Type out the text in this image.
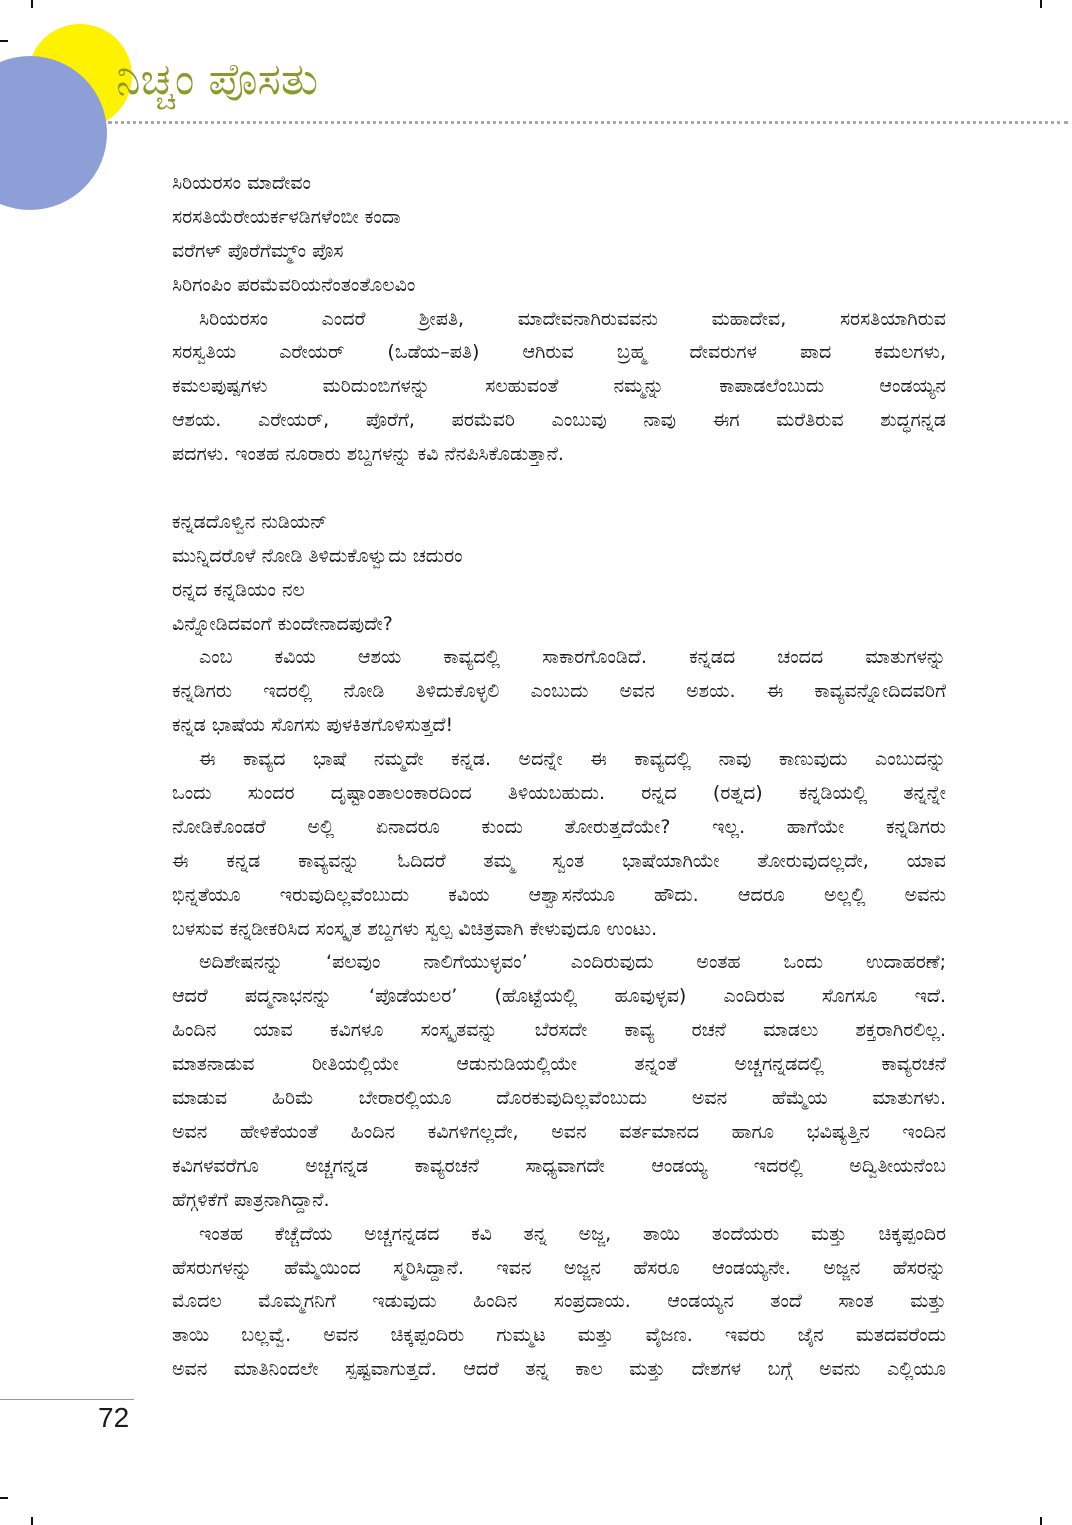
ನಿಚ್ಚಂ ಪೊಸತು
ಸಿರಿಯರಸಂ ಮಾದೇವಂ
ಸರಸತಿಯೆರೇಯರ್ಕಳಡಿಗಳೆಂಬೀ ಕಂದಾ
ವರೆಗಳ್ ಪೊರೆಗೆಮ್ಮ್ಂ ಪೊಸ
ಸಿರಿಗಂಪಿಂ ಪರಮೆವರಿಯನೆಂತಂತೊಲವಿಂ
ಸಿರಿಯರಸಂ ಎಂದರೆ ಶ್ರೀಪತಿ, ಮಾದೇವನಾಗಿರುವವನು ಮಹಾದೇವ, ಸರಸತಿಯಾಗಿರುವ
ಸರಸ್ವತಿಯ ಎರೇಯರ್ (ಒಡೆಯ–ಪತಿ) ಆಗಿರುವ ಬ್ರಹ್ಮ ದೇವರುಗಳ ಪಾದ ಕಮಲಗಳು,
ಕಮಲಪುಷ್ಪಗಳು ಮರಿದುಂಬಿಗಳನ್ನು ಸಲಹುವಂತೆ ನಮ್ಮನ್ನು ಕಾಪಾಡಲೆಂಬುದು ಆಂಡಯ್ಯನ
ಆಶಯ. ಎರೇಯರ್, ಪೊರೆಗೆ, ಪರಮೆವರಿ ಎಂಬುವು ನಾವು ಈಗ ಮರೆತಿರುವ ಶುದ್ಧಗನ್ನಡ
ಪದಗಳು. ಇಂತಹ ನೂರಾರು ಶಬ್ದಗಳನ್ನು ಕವಿ ನೆನಪಿಸಿಕೊಡುತ್ತಾನೆ.
ಕನ್ನಡದೊಳ್ವಿನ ನುಡಿಯನ್
ಮುನ್ನಿದರೊಳೆ ನೋಡಿ ತಿಳಿದುಕೊಳ್ವುದು ಚದುರಂ
ರನ್ನದ ಕನ್ನಡಿಯಂ ನಲ
ವಿನ್ನೋಡಿದವಂಗೆ ಕುಂದೇನಾದಪುದೇ?
ಎಂಬ ಕವಿಯ ಆಶಯ ಕಾವ್ಯದಲ್ಲಿ ಸಾಕಾರಗೊಂಡಿದೆ. ಕನ್ನಡದ ಚಂದದ ಮಾತುಗಳನ್ನು
ಕನ್ನಡಿಗರು ಇದರಲ್ಲಿ ನೋಡಿ ತಿಳಿದುಕೊಳ್ಳಲಿ ಎಂಬುದು ಅವನ ಅಶಯ. ಈ ಕಾವ್ಯವನ್ನೋದಿದವರಿಗೆ
ಕನ್ನಡ ಭಾಷೆಯ ಸೊಗಸು ಪುಳಕಿತಗೊಳಿಸುತ್ತದೆ!
ಈ ಕಾವ್ಯದ ಭಾಷೆ ನಮ್ಮದೇ ಕನ್ನಡ. ಅದನ್ನೇ ಈ ಕಾವ್ಯದಲ್ಲಿ ನಾವು ಕಾಣುವುದು ಎಂಬುದನ್ನು
ಒಂದು ಸುಂದರ ದೃಷ್ಟಾಂತಾಲಂಕಾರದಿಂದ ತಿಳಿಯಬಹುದು. ರನ್ನದ (ರತ್ನದ) ಕನ್ನಡಿಯಲ್ಲಿ ತನ್ನನ್ನೇ
ನೋಡಿಕೊಂಡರೆ ಅಲ್ಲಿ ಏನಾದರೂ ಕುಂದು ತೋರುತ್ತದೆಯೇ? ಇಲ್ಲ. ಹಾಗೆಯೇ ಕನ್ನಡಿಗರು
ಈ ಕನ್ನಡ ಕಾವ್ಯವನ್ನು ಓದಿದರೆ ತಮ್ಮ ಸ್ವಂತ ಭಾಷೆಯಾಗಿಯೇ ತೋರುವುದಲ್ಲದೇ, ಯಾವ
ಭಿನ್ನತೆಯೂ ಇರುವುದಿಲ್ಲವೆಂಬುದು ಕವಿಯ ಆಶ್ವಾಸನೆಯೂ ಹೌದು. ಆದರೂ ಅಲ್ಲಲ್ಲಿ ಅವನು
ಬಳಸುವ ಕನ್ನಡೀಕರಿಸಿದ ಸಂಸ್ಕೃತ ಶಬ್ದಗಳು ಸ್ವಲ್ಪ ವಿಚಿತ್ರವಾಗಿ ಕೇಳುವುದೂ ಉಂಟು.
ಅದಿಶೇಷನನ್ನು ‘ಪಲವುಂ ನಾಲಿಗೆಯುಳ್ಳವಂ’ ಎಂದಿರುವುದು ಅಂತಹ ಒಂದು ಉದಾಹರಣೆ;
ಆದರೆ ಪದ್ಮನಾಭನನ್ನು ‘ಪೊಡೆಯಲರ’ (ಹೊಟ್ಟೆಯಲ್ಲಿ ಹೂವುಳ್ಳವ) ಎಂದಿರುವ ಸೊಗಸೂ ಇದೆ.
ಹಿಂದಿನ ಯಾವ ಕವಿಗಳೂ ಸಂಸ್ಕೃತವನ್ನು ಬೆರಸದೇ ಕಾವ್ಯ ರಚನೆ ಮಾಡಲು ಶಕ್ತರಾಗಿರಲಿಲ್ಲ.
ಮಾತನಾಡುವ ರೀತಿಯಲ್ಲಿಯೇ ಆಡುನುಡಿಯಲ್ಲಿಯೇ ತನ್ನಂತೆ ಅಚ್ಚಗನ್ನಡದಲ್ಲಿ ಕಾವ್ಯರಚನೆ
ಮಾಡುವ ಹಿರಿಮೆ ಬೇರಾರಲ್ಲಿಯೂ ದೊರಕುವುದಿಲ್ಲವೆಂಬುದು ಅವನ ಹೆಮ್ಮೆಯ ಮಾತುಗಳು.
ಅವನ ಹೇಳಿಕೆಯಂತೆ ಹಿಂದಿನ ಕವಿಗಳಿಗಲ್ಲದೇ, ಅವನ ವರ್ತಮಾನದ ಹಾಗೂ ಭವಿಷ್ಯತ್ತಿನ ಇಂದಿನ
ಕವಿಗಳವರೆಗೂ ಅಚ್ಚಗನ್ನಡ ಕಾವ್ಯರಚನೆ ಸಾಧ್ಯವಾಗದೇ ಆಂಡಯ್ಯ ಇದರಲ್ಲಿ ಅದ್ವಿತೀಯನೆಂಬ
ಹೆಗ್ಗಳಿಕೆಗೆ ಪಾತ್ರನಾಗಿದ್ದಾನೆ.
ಇಂತಹ ಕೆಚ್ಚೆದೆಯ ಅಚ್ಚಗನ್ನಡದ ಕವಿ ತನ್ನ ಅಜ್ಜ, ತಾಯಿ ತಂದೆಯರು ಮತ್ತು ಚಿಕ್ಕಪ್ಪಂದಿರ
ಹೆಸರುಗಳನ್ನು ಹೆಮ್ಮೆಯಿಂದ ಸ್ಮರಿಸಿದ್ದಾನೆ. ಇವನ ಅಜ್ಜನ ಹೆಸರೂ ಆಂಡಯ್ಯನೇ. ಅಜ್ಜನ ಹೆಸರನ್ನು
ಮೊದಲ ಮೊಮ್ಮಗನಿಗೆ ಇಡುವುದು ಹಿಂದಿನ ಸಂಪ್ರದಾಯ. ಆಂಡಯ್ಯನ ತಂದೆ ಸಾಂತ ಮತ್ತು
ತಾಯಿ ಬಲ್ಲವ್ವೆ. ಅವನ ಚಿಕ್ಕಪ್ಪಂದಿರು ಗುಮ್ಮಟ ಮತ್ತು ವೈಜಣ. ಇವರು ಜೈನ ಮತದವರೆಂದು
ಅವನ ಮಾತಿನಿಂದಲೇ ಸ್ಪಷ್ಟವಾಗುತ್ತದೆ. ಆದರೆ ತನ್ನ ಕಾಲ ಮತ್ತು ದೇಶಗಳ ಬಗ್ಗೆ ಅವನು ಎಲ್ಲಿಯೂ
72
